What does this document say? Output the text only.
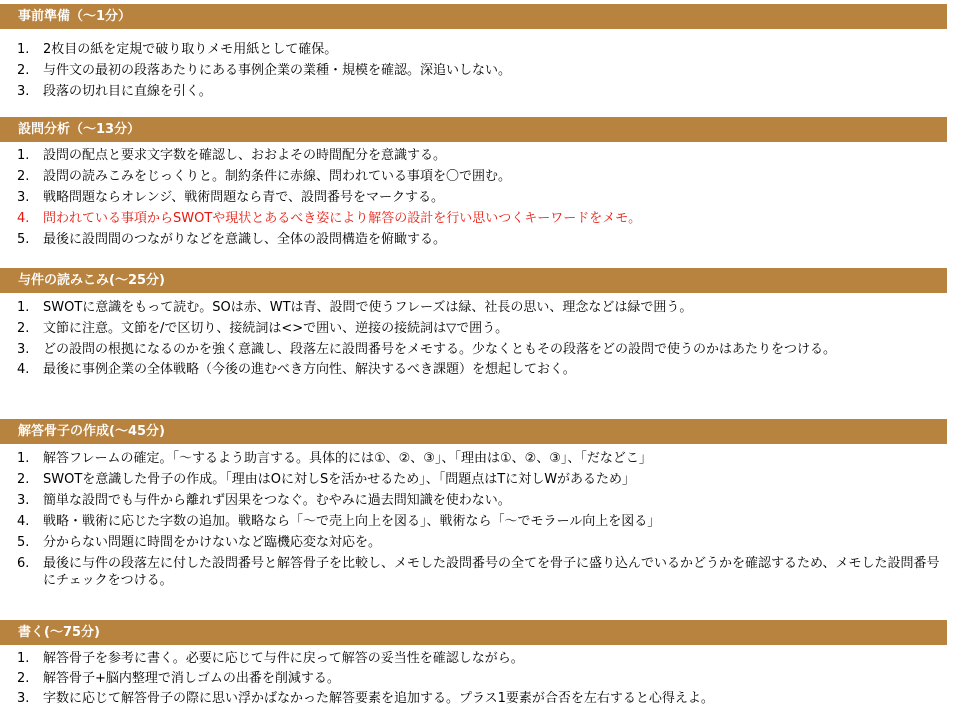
事前準備（～1分）
1. 2枚目の紙を定規で破り取りメモ用紙として確保。
2. 与件文の最初の段落あたりにある事例企業の業種・規模を確認。深追いしない。
3. 段落の切れ目に直線を引く。
設問分析（～13分）
1. 設問の配点と要求文字数を確認し、おおよその時間配分を意識する。
2. 設問の読みこみをじっくりと。制約条件に赤線、問われている事項を〇で囲む。
3. 戦略問題ならオレンジ、戦術問題なら青で、設問番号をマークする。
4. 問われている事項からSWOTや現状とあるべき姿により解答の設計を行い思いつくキーワードをメモ。
5. 最後に設問間のつながりなどを意識し、全体の設問構造を俯瞰する。
与件の読みこみ(～25分)
1. SWOTに意識をもって読む。SOは赤、WTは青、設問で使うフレーズは緑、社長の思い、理念などは緑で囲う。
2. 文節に注意。文節を/で区切り、接続詞は<>で囲い、逆接の接続詞は▽で囲う。
3. どの設問の根拠になるのかを強く意識し、段落左に設問番号をメモする。少なくともその段落をどの設問で使うのかはあたりをつける。
4. 最後に事例企業の全体戦略（今後の進むべき方向性、解決するべき課題）を想起しておく。
解答骨子の作成(～45分)
1. 解答フレームの確定。「～するよう助言する。具体的には①、②、③」、「理由は①、②、③」、「だなどこ」
2. SWOTを意識した骨子の作成。「理由はOに対しSを活かせるため」、「問題点はTに対しWがあるため」
3. 簡単な設問でも与件から離れず因果をつなぐ。むやみに過去問知識を使わない。
4. 戦略・戦術に応じた字数の追加。戦略なら「～で売上向上を図る」、戦術なら「～でモラール向上を図る」
5. 分からない問題に時間をかけないなど臨機応変な対応を。
6. 最後に与件の段落左に付した設問番号と解答骨子を比較し、メモした設問番号の全てを骨子に盛り込んでいるかどうかを確認するため、メモした設問番号にチェックをつける。
書く(～75分)
1. 解答骨子を参考に書く。必要に応じて与件に戻って解答の妥当性を確認しながら。
2. 解答骨子+脳内整理で消しゴムの出番を削減する。
3. 字数に応じて解答骨子の際に思い浮かばなかった解答要素を追加する。プラス1要素が合否を左右すると心得えよ。
